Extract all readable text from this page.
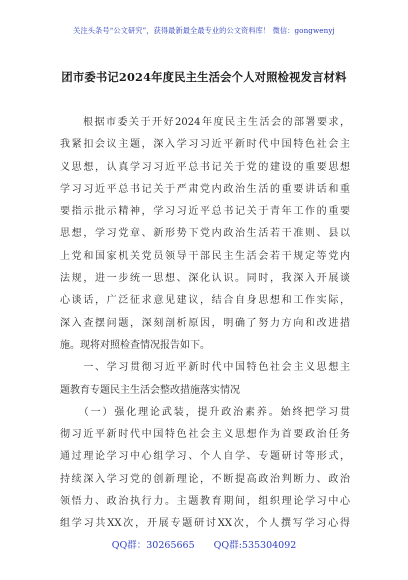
关注头条号“公文研究”，获得最新最全最专业的公文资料库！ 微信：gongwenyj
团市委书记2024年度民主生活会个人对照检视发言材料
　　根据市委关于开好2024年度民主生活会的部署要求，
我紧扣会议主题，深入学习习近平新时代中国特色社会主
义思想，认真学习习近平总书记关于党的建设的重要思想
学习习近平总书记关于严肃党内政治生活的重要讲话和重
要指示批示精神，学习习近平总书记关于青年工作的重要
思想，学习党章、新形势下党内政治生活若干准则、县以
上党和国家机关党员领导干部民主生活会若干规定等党内
法规，进一步统一思想、深化认识。同时，我深入开展谈
心谈话，广泛征求意见建议，结合自身思想和工作实际，
深入查摆问题，深刻剖析原因，明确了努力方向和改进措
施。现将对照检查情况报告如下。
　　一、学习贯彻习近平新时代中国特色社会主义思想主
题教育专题民主生活会整改措施落实情况
　　（一）强化理论武装，提升政治素养。始终把学习贯
彻习近平新时代中国特色社会主义思想作为首要政治任务
通过理论学习中心组学习、个人自学、专题研讨等形式，
持续深入学习党的创新理论，不断提高政治判断力、政治
领悟力、政治执行力。主题教育期间，组织理论学习中心
组学习共XX次，开展专题研讨XX次，个人撰写学习心得
QQ群：30265665　　QQ群:535304092
